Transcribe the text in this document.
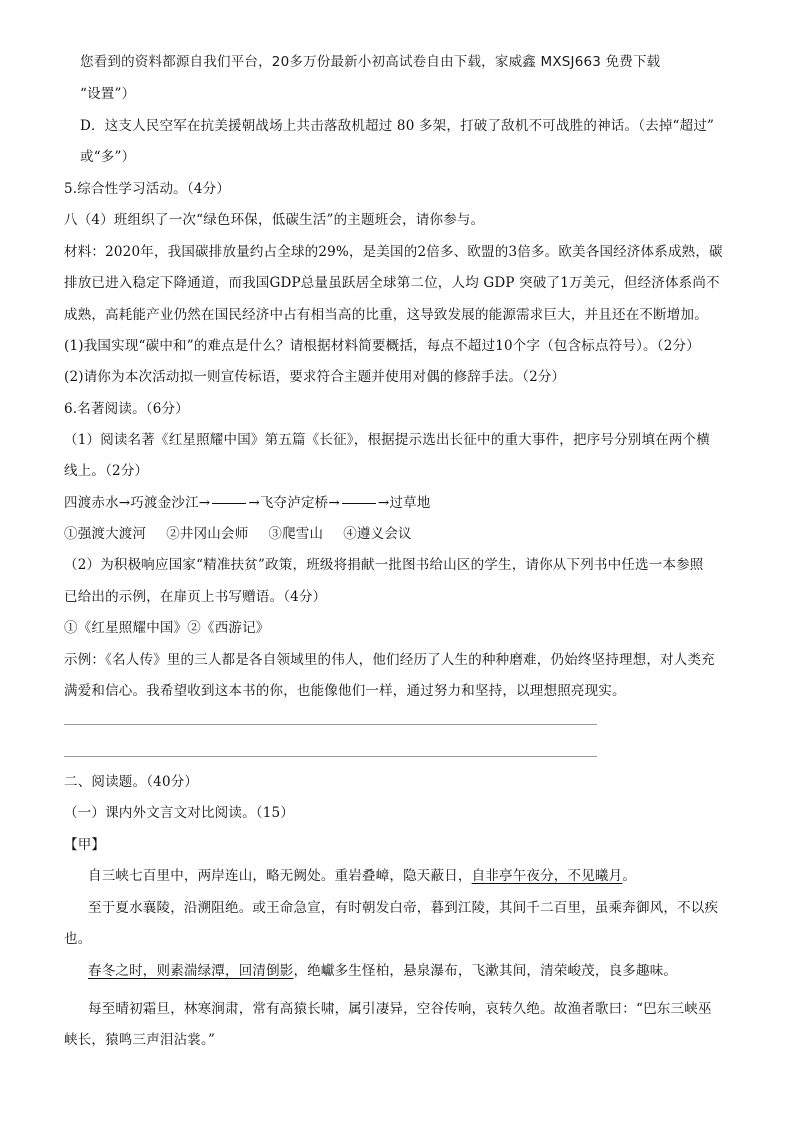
您看到的资料都源自我们平台，20多万份最新小初高试卷自由下载，家威鑫 MXSJ663 免费下载
“设置”）
D．这支人民空军在抗美援朝战场上共击落敌机超过 80 多架，打破了敌机不可战胜的神话。（去掉“超过”
或“多”）
5.综合性学习活动。（4分）
八（4）班组织了一次“绿色环保，低碳生活”的主题班会，请你参与。
材料：2020年，我国碳排放量约占全球的29%，是美国的2倍多、欧盟的3倍多。欧美各国经济体系成熟，碳
排放已进入稳定下降通道，而我国GDP总量虽跃居全球第二位，人均 GDP 突破了1万美元，但经济体系尚不
成熟，高耗能产业仍然在国民经济中占有相当高的比重，这导致发展的能源需求巨大，并且还在不断增加。
(1)我国实现“碳中和”的难点是什么？请根据材料简要概括，每点不超过10个字（包含标点符号）。（2分）
(2)请你为本次活动拟一则宣传标语，要求符合主题并使用对偶的修辞手法。（2分）
6.名著阅读。（6分）
（1）阅读名著《红星照耀中国》第五篇《长征》，根据提示选出长征中的重大事件，把序号分别填在两个横
线上。（2分）
四渡赤水→巧渡金沙江→	→飞夺泸定桥→	→过草地
①强渡大渡河 ②井冈山会师 ③爬雪山 ④遵义会议
（2）为积极响应国家“精准扶贫”政策，班级将捐献一批图书给山区的学生，请你从下列书中任选一本参照
已给出的示例，在扉页上书写赠语。（4分）
①《红星照耀中国》②《西游记》
示例：《名人传》里的三人都是各自领域里的伟人，他们经历了人生的种种磨难，仍始终坚持理想，对人类充
满爱和信心。我希望收到这本书的你，也能像他们一样，通过努力和坚持，以理想照亮现实。
二、阅读题。（40分）
（一）课内外文言文对比阅读。（15）
【甲】
自三峡七百里中，两岸连山，略无阙处。重岩叠嶂，隐天蔽日，自非亭午夜分，不见曦月。
至于夏水襄陵，沿溯阻绝。或王命急宣，有时朝发白帝，暮到江陵，其间千二百里，虽乘奔御风，不以疾
也。
春冬之时，则素湍绿潭，回清倒影，绝巘多生怪柏，悬泉瀑布，飞漱其间，清荣峻茂，良多趣味。
每至晴初霜旦，林寒涧肃，常有高猿长啸，属引凄异，空谷传响，哀转久绝。故渔者歌曰：“巴东三峡巫
峡长，猿鸣三声泪沾裳。”
